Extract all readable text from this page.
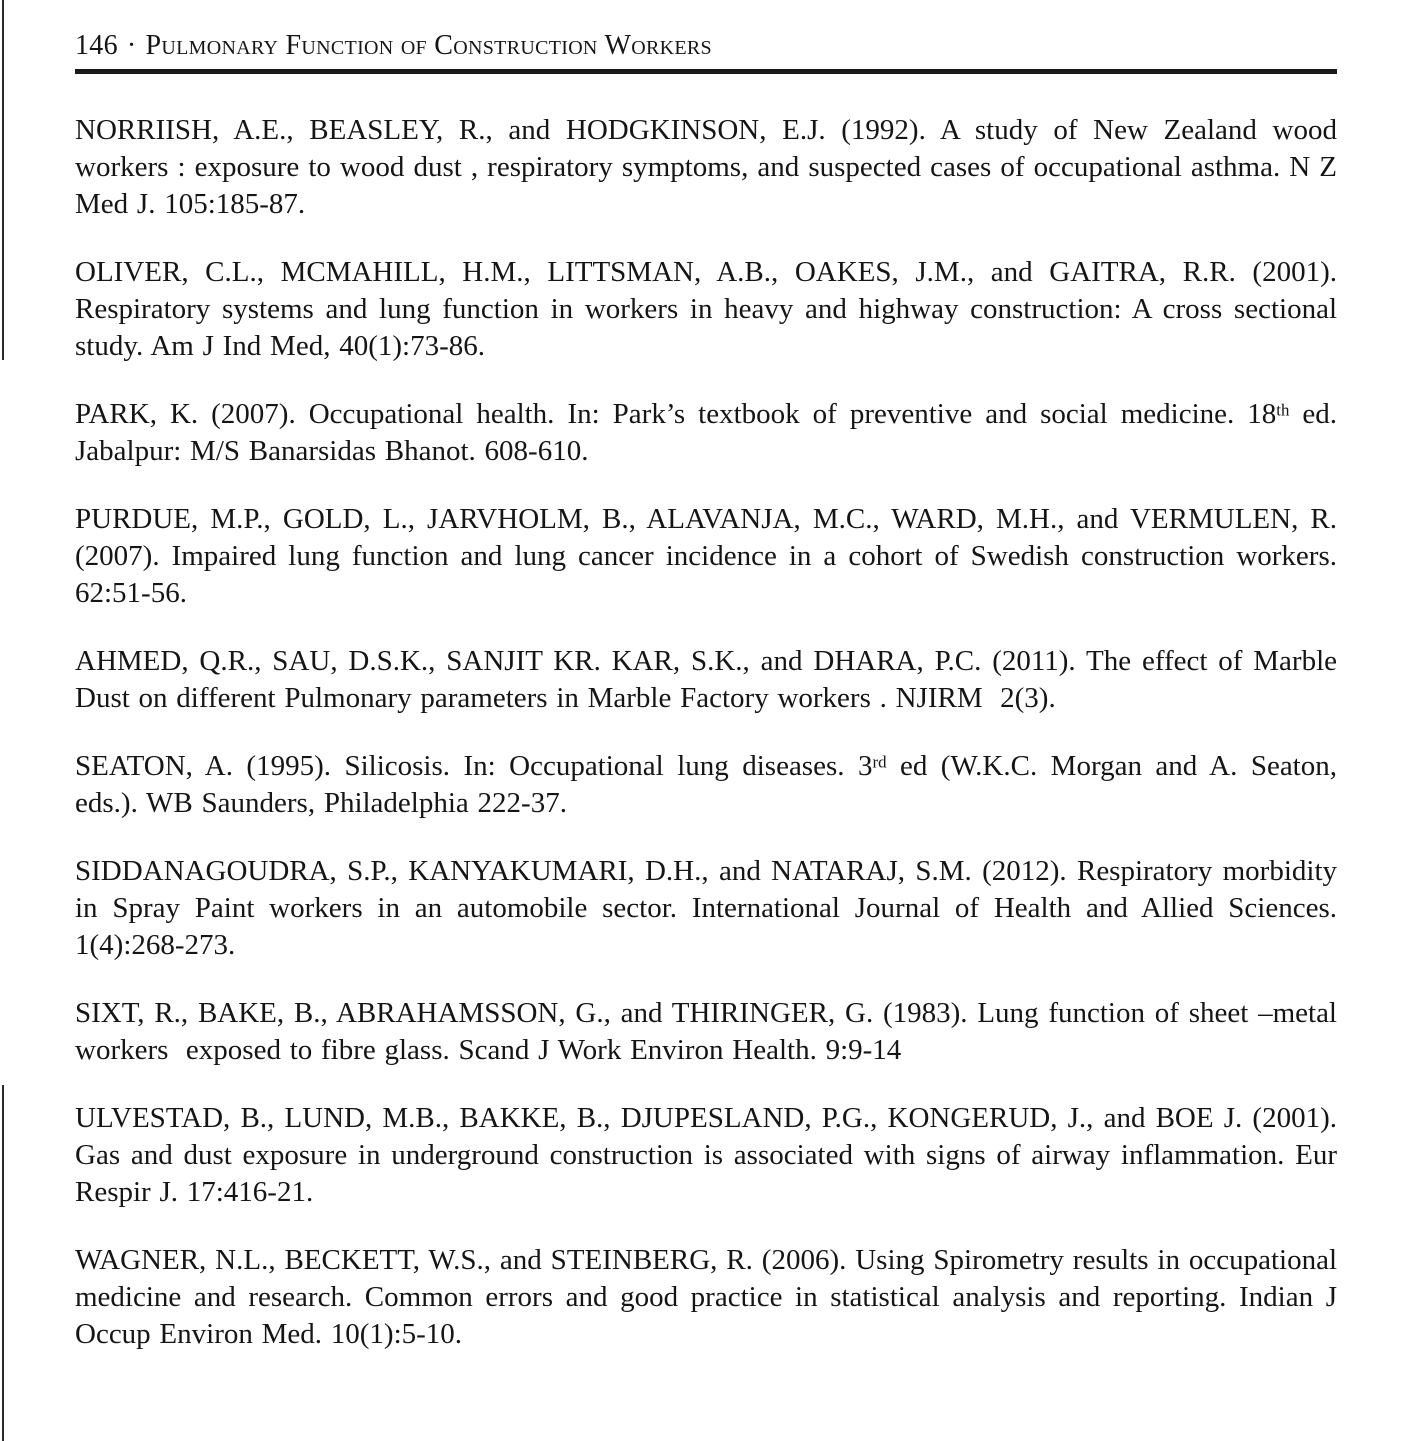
146 · Pulmonary Function of Construction Workers

NORRIISH, A.E., BEASLEY, R., and HODGKINSON, E.J. (1992). A study of New Zealand wood workers : exposure to wood dust , respiratory symptoms, and suspected cases of occupational asthma. N Z Med J. 105:185-87.

OLIVER, C.L., MCMAHILL, H.M., LITTSMAN, A.B., OAKES, J.M., and GAITRA, R.R. (2001). Respiratory systems and lung function in workers in heavy and highway construction: A cross sectional study. Am J Ind Med, 40(1):73-86.

PARK, K. (2007). Occupational health. In: Park’s textbook of preventive and social medicine. 18th ed. Jabalpur: M/S Banarsidas Bhanot. 608-610.

PURDUE, M.P., GOLD, L., JARVHOLM, B., ALAVANJA, M.C., WARD, M.H., and VERMULEN, R. (2007). Impaired lung function and lung cancer incidence in a cohort of Swedish construction workers. 62:51-56.

AHMED, Q.R., SAU, D.S.K., SANJIT KR. KAR, S.K., and DHARA, P.C. (2011). The effect of Marble Dust on different Pulmonary parameters in Marble Factory workers . NJIRM  2(3).

SEATON, A. (1995). Silicosis. In: Occupational lung diseases. 3rd ed (W.K.C. Morgan and A. Seaton, eds.). WB Saunders, Philadelphia 222-37.

SIDDANAGOUDRA, S.P., KANYAKUMARI, D.H., and NATARAJ, S.M. (2012). Respiratory morbidity in Spray Paint workers in an automobile sector. International Journal of Health and Allied Sciences. 1(4):268-273.

SIXT, R., BAKE, B., ABRAHAMSSON, G., and THIRINGER, G. (1983). Lung function of sheet –metal workers  exposed to fibre glass. Scand J Work Environ Health. 9:9-14

ULVESTAD, B., LUND, M.B., BAKKE, B., DJUPESLAND, P.G., KONGERUD, J., and BOE J. (2001). Gas and dust exposure in underground construction is associated with signs of airway inflammation. Eur Respir J. 17:416-21.

WAGNER, N.L., BECKETT, W.S., and STEINBERG, R. (2006). Using Spirometry results in occupational medicine and research. Common errors and good practice in statistical analysis and reporting. Indian J Occup Environ Med. 10(1):5-10.
